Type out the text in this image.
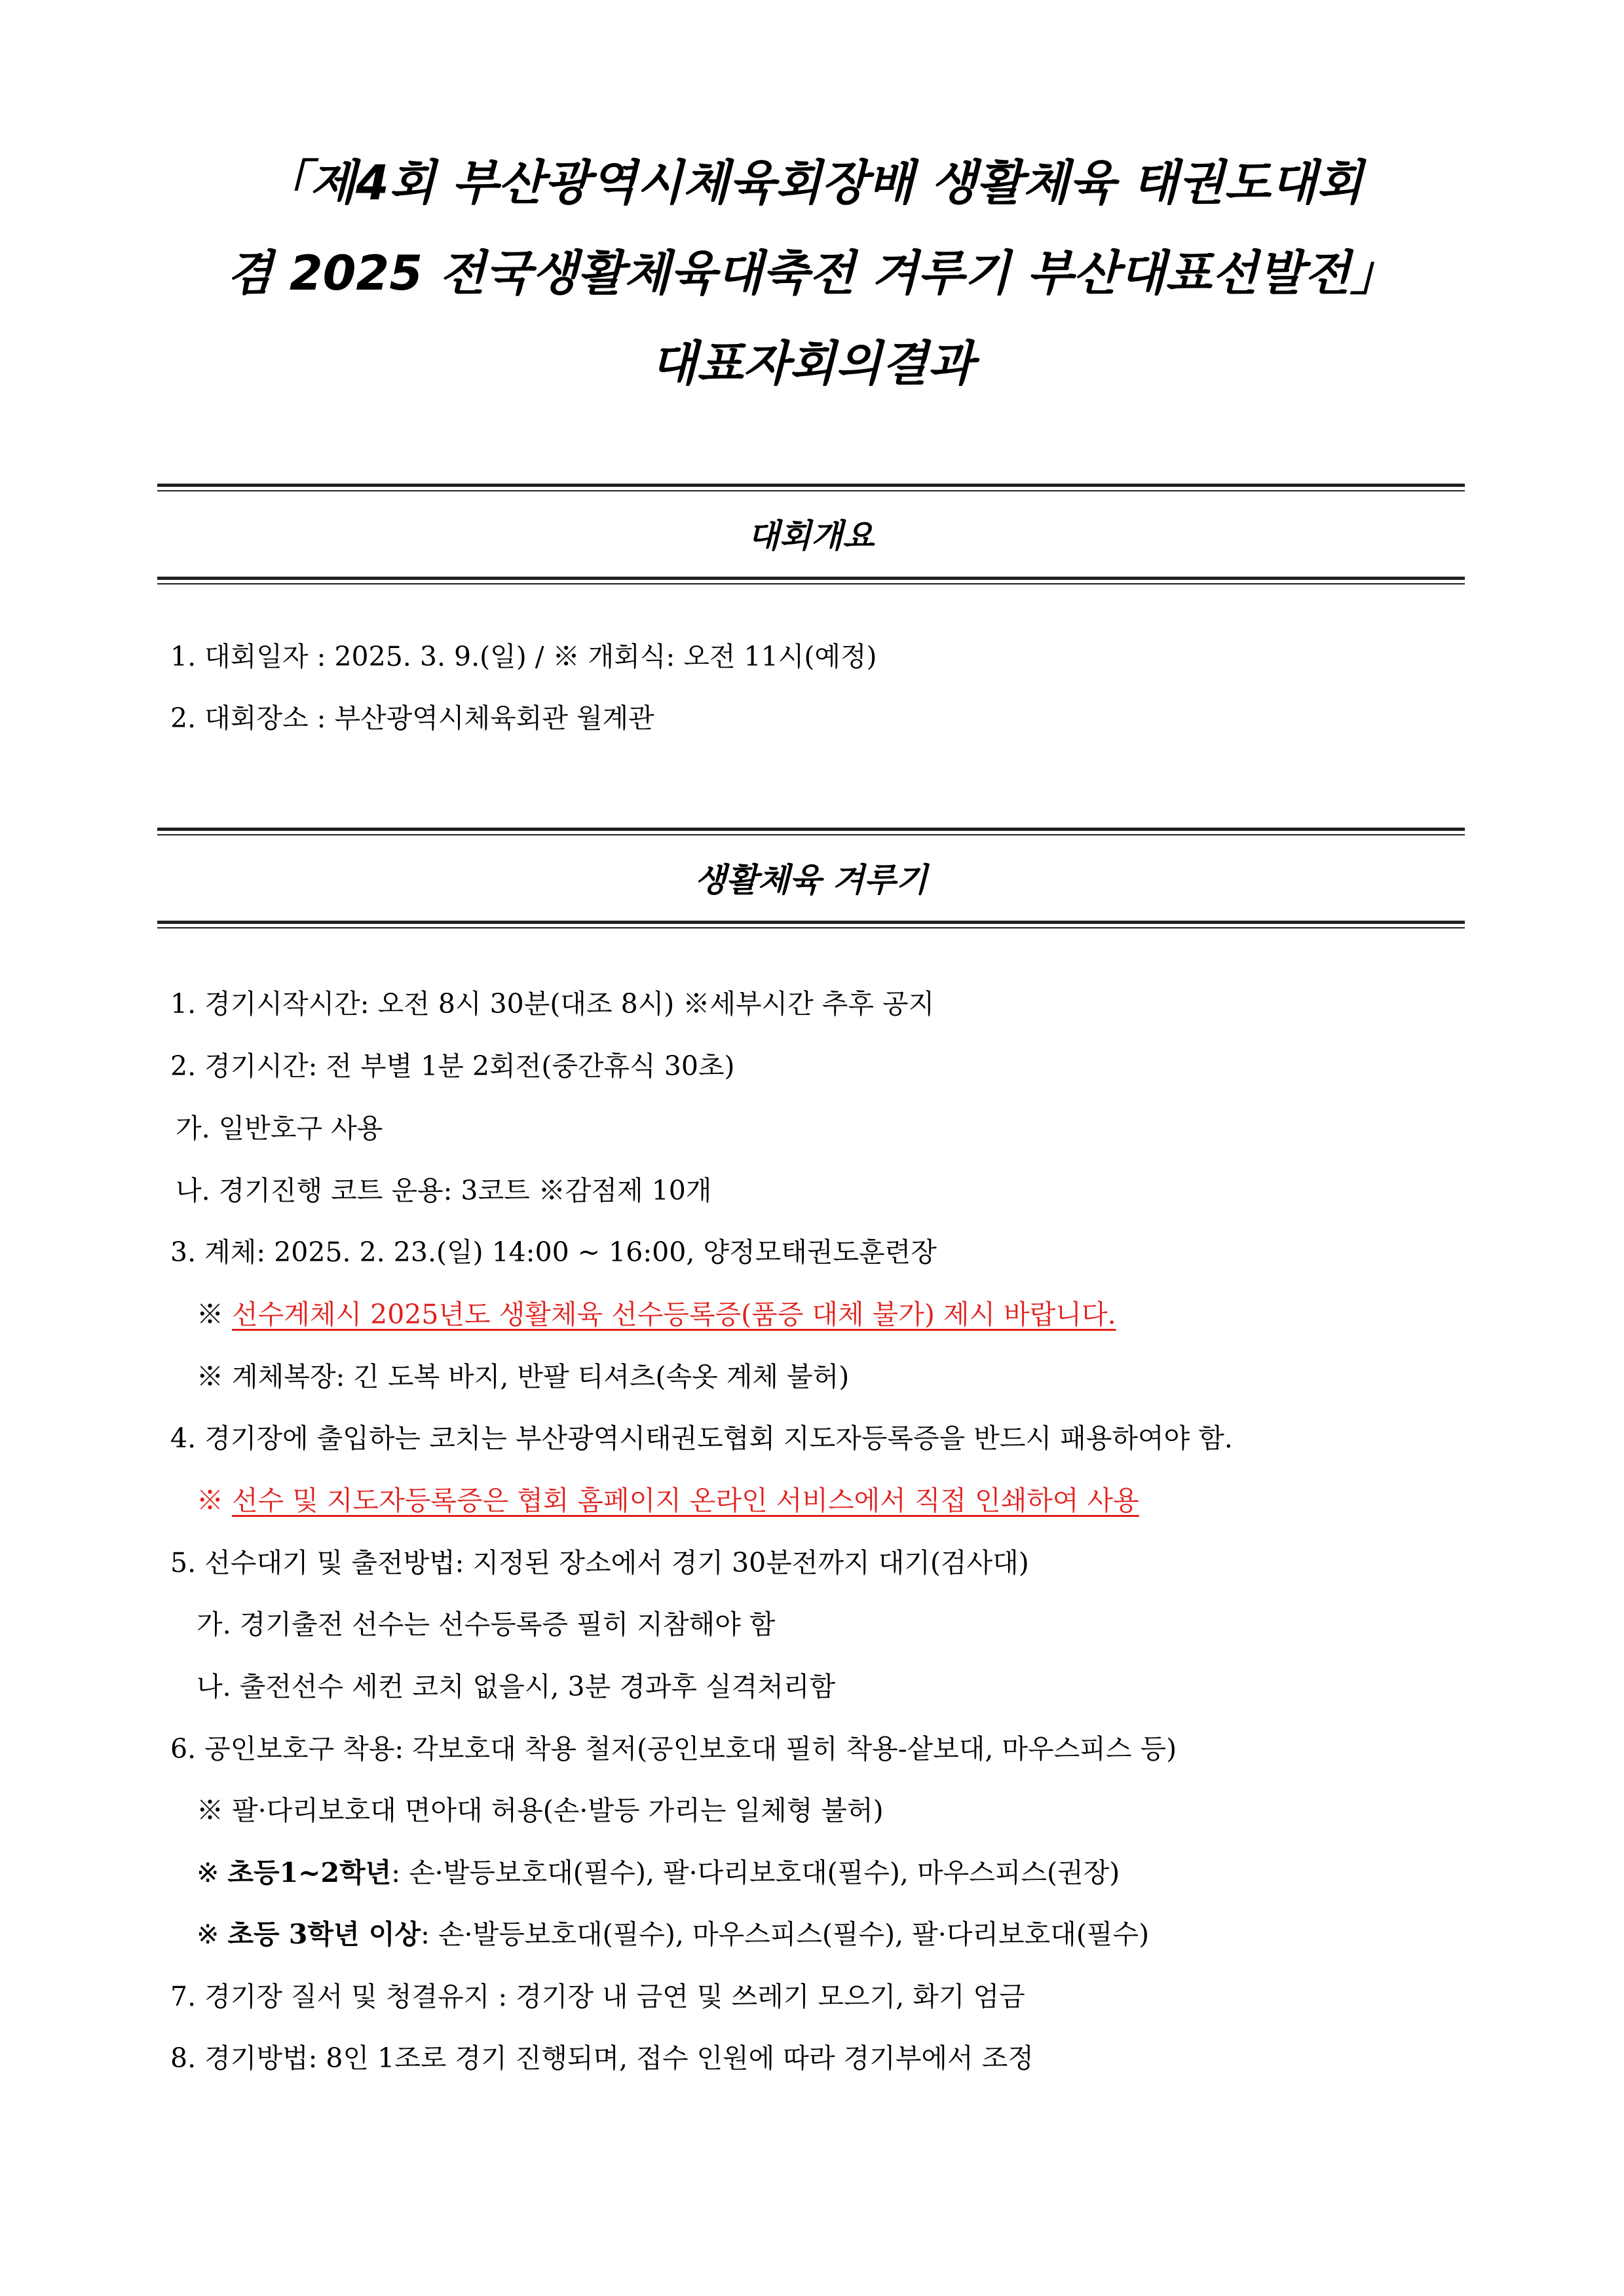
「제4회 부산광역시체육회장배 생활체육 태권도대회
겸 2025 전국생활체육대축전 겨루기 부산대표선발전」
대표자회의결과
대회개요
1. 대회일자 : 2025. 3. 9.(일) / ※ 개회식: 오전 11시(예정)
2. 대회장소 : 부산광역시체육회관 월계관
생활체육 겨루기
1. 경기시작시간: 오전 8시 30분(대조 8시) ※세부시간 추후 공지
2. 경기시간: 전 부별 1분 2회전(중간휴식 30초)
가. 일반호구 사용
나. 경기진행 코트 운용: 3코트 ※감점제 10개
3. 계체: 2025. 2. 23.(일) 14:00 ~ 16:00, 양정모태권도훈련장
※ 선수계체시 2025년도 생활체육 선수등록증(품증 대체 불가) 제시 바랍니다.
※ 계체복장: 긴 도복 바지, 반팔 티셔츠(속옷 계체 불허)
4. 경기장에 출입하는 코치는 부산광역시태권도협회 지도자등록증을 반드시 패용하여야 함.
※ 선수 및 지도자등록증은 협회 홈페이지 온라인 서비스에서 직접 인쇄하여 사용
5. 선수대기 및 출전방법: 지정된 장소에서 경기 30분전까지 대기(검사대)
가. 경기출전 선수는 선수등록증 필히 지참해야 함
나. 출전선수 세컨 코치 없을시, 3분 경과후 실격처리함
6. 공인보호구 착용: 각보호대 착용 철저(공인보호대 필히 착용-샅보대, 마우스피스 등)
※ 팔·다리보호대 면아대 허용(손·발등 가리는 일체형 불허)
※ 초등1~2학년: 손·발등보호대(필수), 팔·다리보호대(필수), 마우스피스(권장)
※ 초등 3학년 이상: 손·발등보호대(필수), 마우스피스(필수), 팔·다리보호대(필수)
7. 경기장 질서 및 청결유지 : 경기장 내 금연 및 쓰레기 모으기, 화기 엄금
8. 경기방법: 8인 1조로 경기 진행되며, 접수 인원에 따라 경기부에서 조정
